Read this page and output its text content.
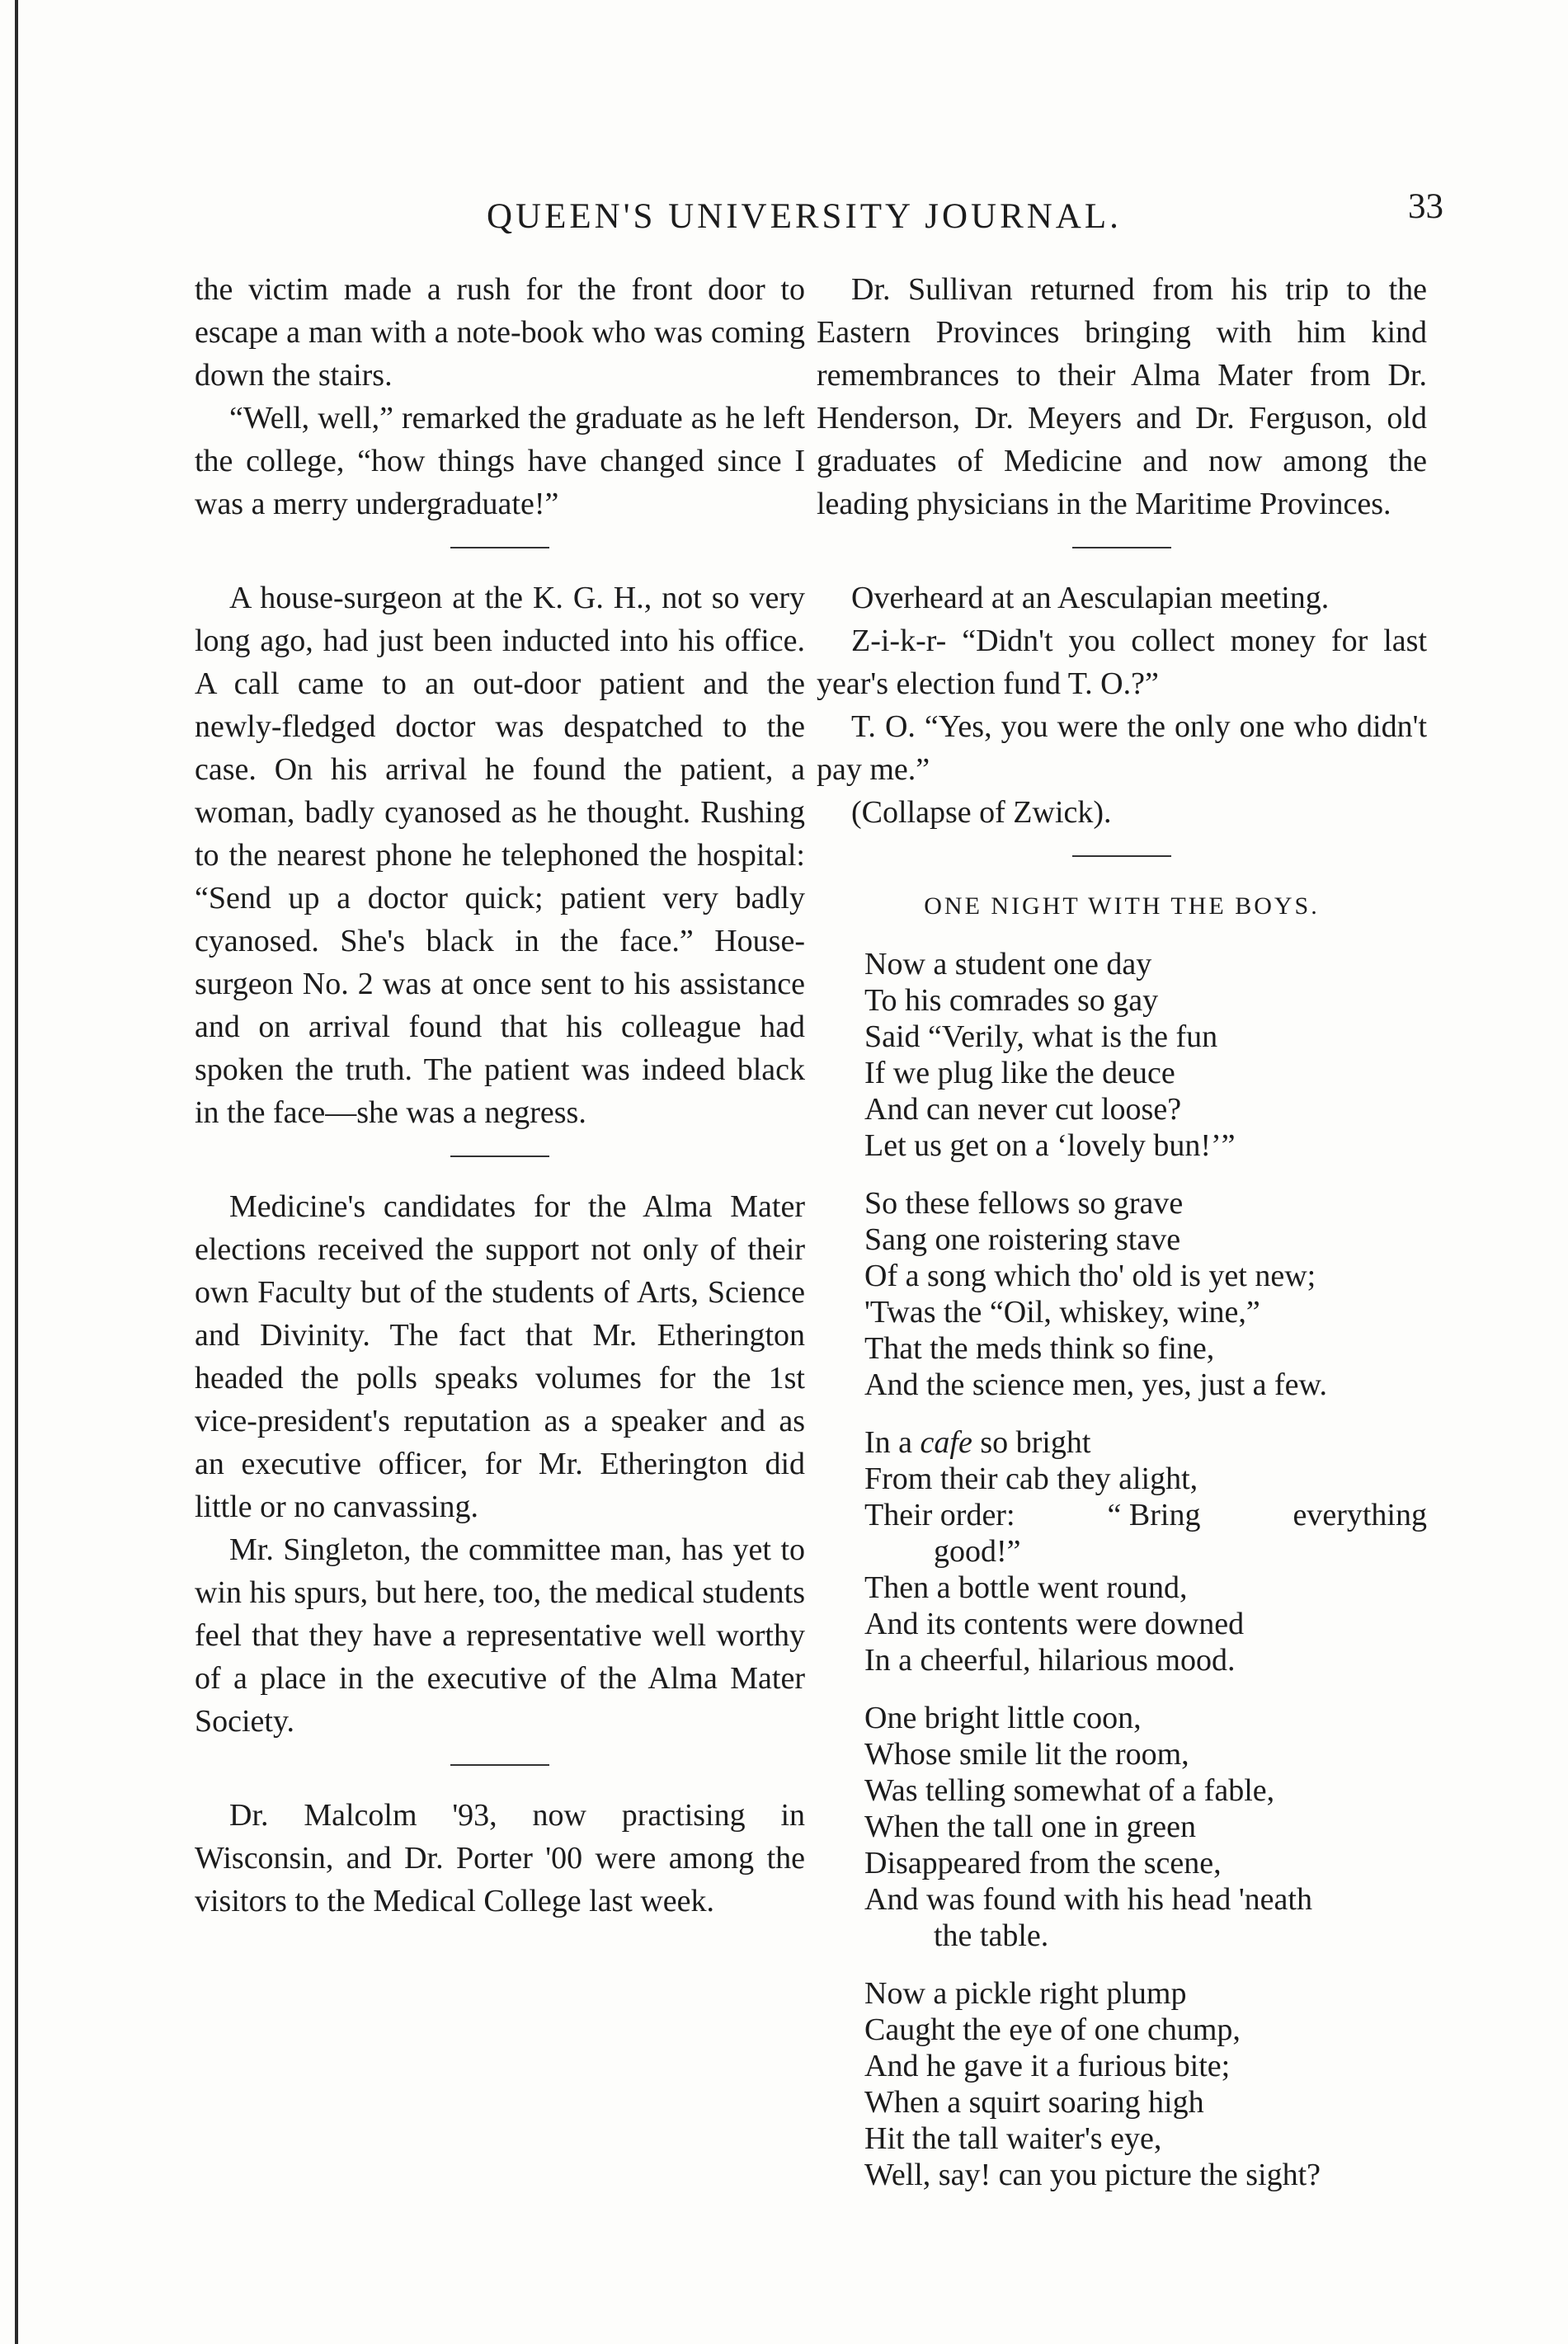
QUEEN'S UNIVERSITY JOURNAL.	33

the victim made a rush for the front door to escape a man with a note-book who was coming down the stairs.

“Well, well,” remarked the graduate as he left the college, “how things have changed since I was a merry undergraduate!”

A house-surgeon at the K. G. H., not so very long ago, had just been inducted into his office. A call came to an out-door patient and the newly-fledged doctor was despatched to the case. On his arrival he found the patient, a woman, badly cyanosed as he thought. Rushing to the nearest phone he telephoned the hospital: “Send up a doctor quick; patient very badly cyanosed. She's black in the face.” House-surgeon No. 2 was at once sent to his assistance and on arrival found that his colleague had spoken the truth. The patient was indeed black in the face—she was a negress.

Medicine's candidates for the Alma Mater elections received the support not only of their own Faculty but of the students of Arts, Science and Divinity. The fact that Mr. Etherington headed the polls speaks volumes for the 1st vice-president's reputation as a speaker and as an executive officer, for Mr. Etherington did little or no canvassing.

Mr. Singleton, the committee man, has yet to win his spurs, but here, too, the medical students feel that they have a representative well worthy of a place in the executive of the Alma Mater Society.

Dr. Malcolm '93, now practising in Wisconsin, and Dr. Porter '00 were among the visitors to the Medical College last week.

Dr. Sullivan returned from his trip to the Eastern Provinces bringing with him kind remembrances to their Alma Mater from Dr. Henderson, Dr. Meyers and Dr. Ferguson, old graduates of Medicine and now among the leading physicians in the Maritime Provinces.

Overheard at an Aesculapian meeting.

Z-i-k-r- “Didn't you collect money for last year's election fund T. O.?”

T. O. “Yes, you were the only one who didn't pay me.”

(Collapse of Zwick).

ONE NIGHT WITH THE BOYS.
Now a student one day
To his comrades so gay
Said “Verily, what is the fun
If we plug like the deuce
And can never cut loose?
Let us get on a ‘lovely bun!’”
So these fellows so grave
Sang one roistering stave
Of a song which tho' old is yet new;
'Twas the “Oil, whiskey, wine,”
That the meds think so fine,
And the science men, yes, just a few.
In a cafe so bright
From their cab they alight,
Their order:	“ Bring	everything
good!”
Then a bottle went round,
And its contents were downed
In a cheerful, hilarious mood.
One bright little coon,
Whose smile lit the room,
Was telling somewhat of a fable,
When the tall one in green
Disappeared from the scene,
And was found with his head 'neath
the table.
Now a pickle right plump
Caught the eye of one chump,
And he gave it a furious bite;
When a squirt soaring high
Hit the tall waiter's eye,
Well, say! can you picture the sight?
